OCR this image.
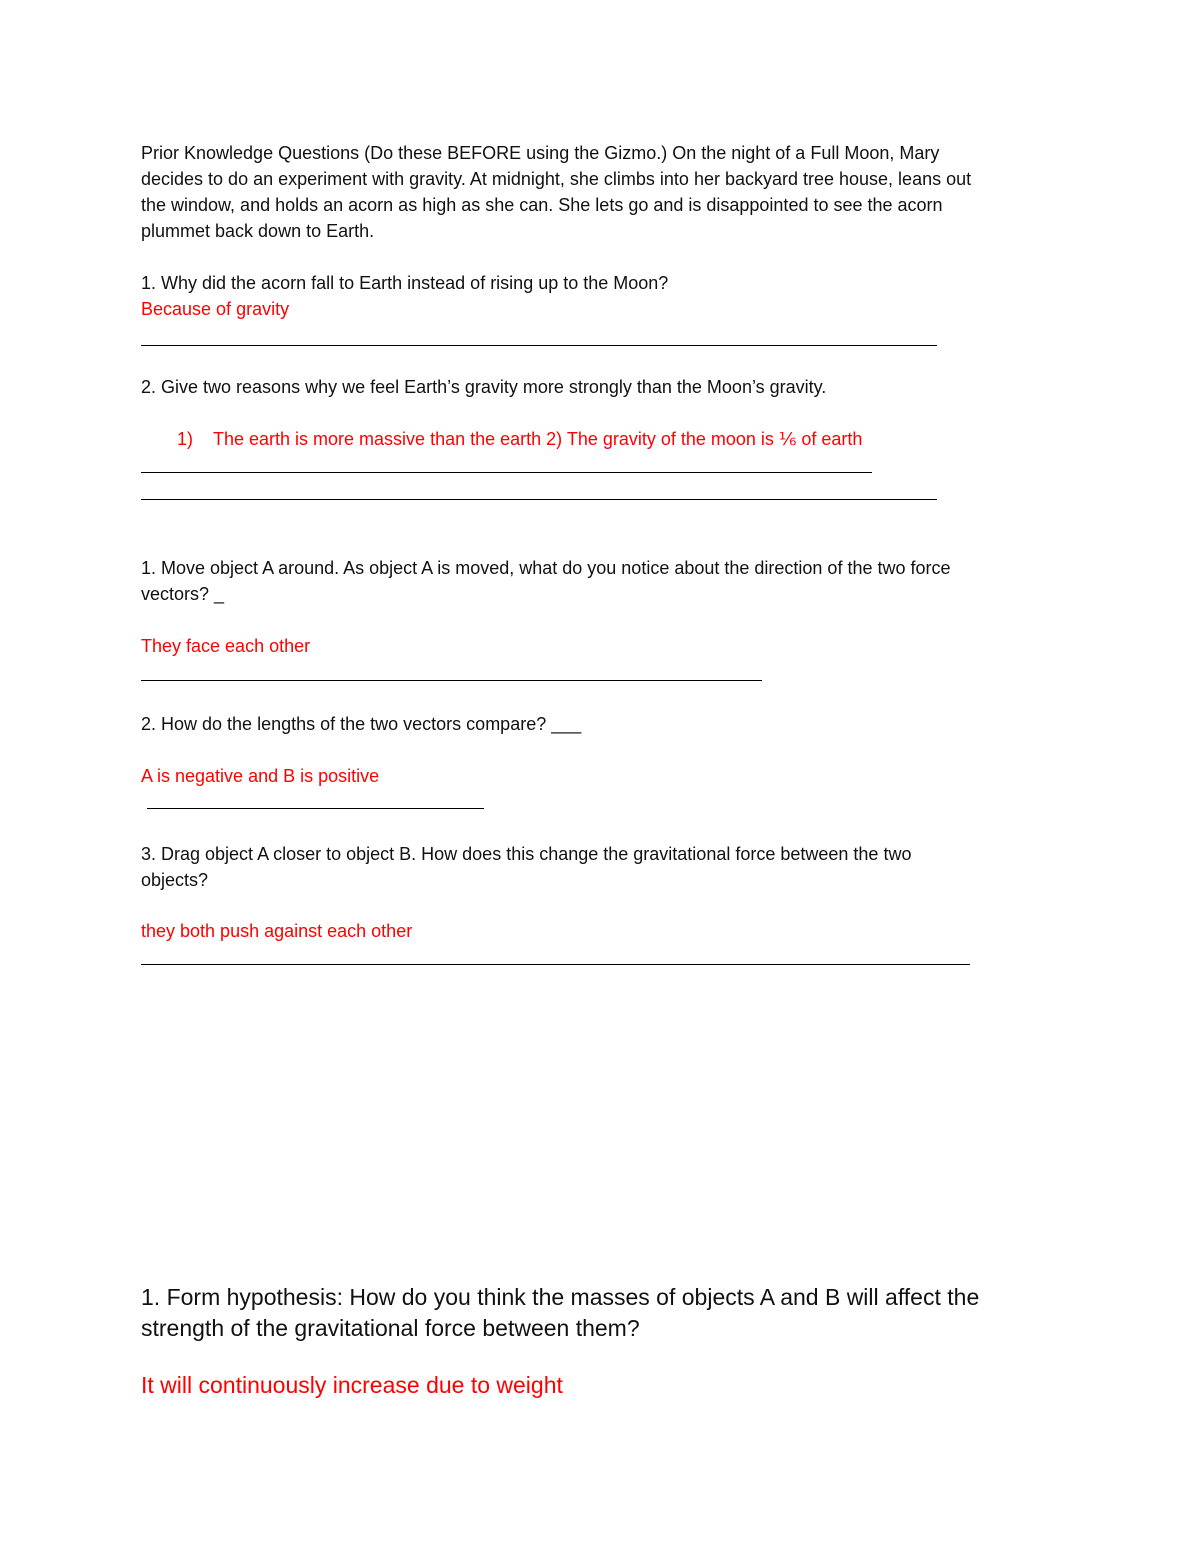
Prior Knowledge Questions (Do these BEFORE using the Gizmo.) On the night of a Full Moon, Mary

decides to do an experiment with gravity. At midnight, she climbs into her backyard tree house, leans out

the window, and holds an acorn as high as she can. She lets go and is disappointed to see the acorn

plummet back down to Earth.

1. Why did the acorn fall to Earth instead of rising up to the Moon?

Because of gravity

2. Give two reasons why we feel Earth’s gravity more strongly than the Moon’s gravity.

1) The earth is more massive than the earth 2) The gravity of the moon is ⅙ of earth

1. Move object A around. As object A is moved, what do you notice about the direction of the two force

vectors? _

They face each other

2. How do the lengths of the two vectors compare? ___

A is negative and B is positive

3. Drag object A closer to object B. How does this change the gravitational force between the two

objects?

they both push against each other

1. Form hypothesis: How do you think the masses of objects A and B will affect the

strength of the gravitational force between them?

It will continuously increase due to weight
